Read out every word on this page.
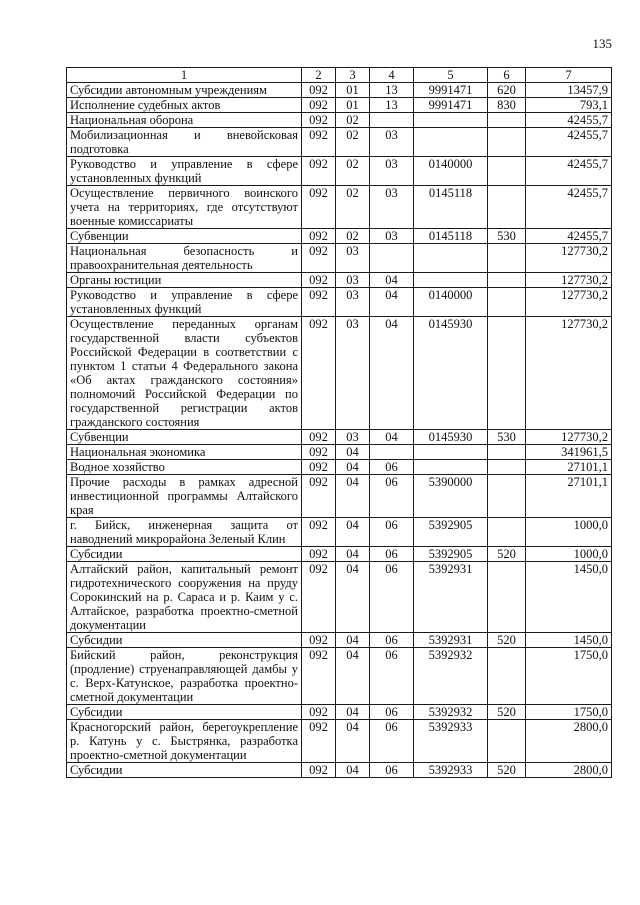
135
1	2	3	4	5	6	7
Субсидии автономным учреждениям	092	01	13	9991471	620	13457,9
Исполнение судебных актов	092	01	13	9991471	830	793,1
Национальная оборона	092	02				42455,7
Мобилизационная и вневойсковая подготовка	092	02	03			42455,7
Руководство и управление в сфере установленных функций	092	02	03	0140000		42455,7
Осуществление первичного воинского учета на территориях, где отсутствуют военные комиссариаты	092	02	03	0145118		42455,7
Субвенции	092	02	03	0145118	530	42455,7
Национальная безопасность и правоохранительная деятельность	092	03				127730,2
Органы юстиции	092	03	04			127730,2
Руководство и управление в сфере установленных функций	092	03	04	0140000		127730,2
Осуществление переданных органам государственной власти субъектов Российской Федерации в соответствии с пунктом 1 статьи 4 Федерального закона «Об актах гражданского состояния» полномочий Российской Федерации по государственной регистрации актов гражданского состояния	092	03	04	0145930		127730,2
Субвенции	092	03	04	0145930	530	127730,2
Национальная экономика	092	04				341961,5
Водное хозяйство	092	04	06			27101,1
Прочие расходы в рамках адресной инвестиционной программы Алтайского края	092	04	06	5390000		27101,1
г. Бийск, инженерная защита от наводнений микрорайона Зеленый Клин	092	04	06	5392905		1000,0
Субсидии	092	04	06	5392905	520	1000,0
Алтайский район, капитальный ремонт гидротехнического сооружения на пруду Сорокинский на р. Сараса и р. Каим у с. Алтайское, разработка проектно-сметной документации	092	04	06	5392931		1450,0
Субсидии	092	04	06	5392931	520	1450,0
Бийский район, реконструкция (продление) струенаправляющей дамбы у с. Верх-Катунское, разработка проектно-сметной документации	092	04	06	5392932		1750,0
Субсидии	092	04	06	5392932	520	1750,0
Красногорский район, берегоукрепление р. Катунь у с. Быстрянка, разработка проектно-сметной документации	092	04	06	5392933		2800,0
Субсидии	092	04	06	5392933	520	2800,0
